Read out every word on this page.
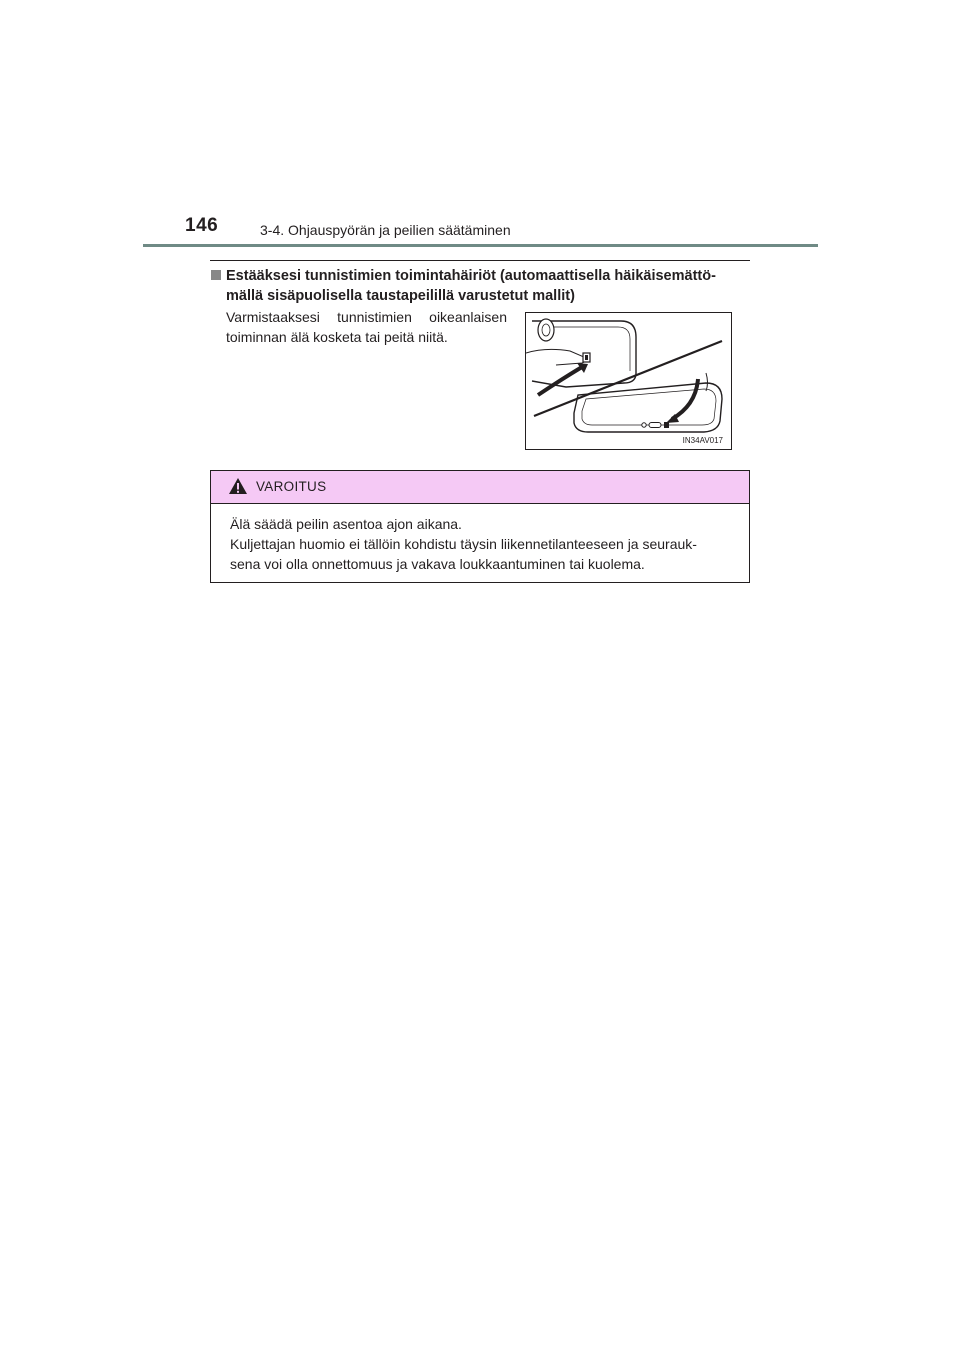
146	3-4. Ohjauspyörän ja peilien säätäminen
Estääksesi tunnistimien toimintahäiriöt (automaattisella häikäisemättö-
mällä sisäpuolisella taustapeilillä varustetut mallit)
Varmistaaksesi tunnistimien oikeanlaisen toiminnan älä kosketa tai peitä niitä.
IN34AV017
VAROITUS
Älä säädä peilin asentoa ajon aikana.
Kuljettajan huomio ei tällöin kohdistu täysin liikennetilanteeseen ja seurauk-
sena voi olla onnettomuus ja vakava loukkaantuminen tai kuolema.
